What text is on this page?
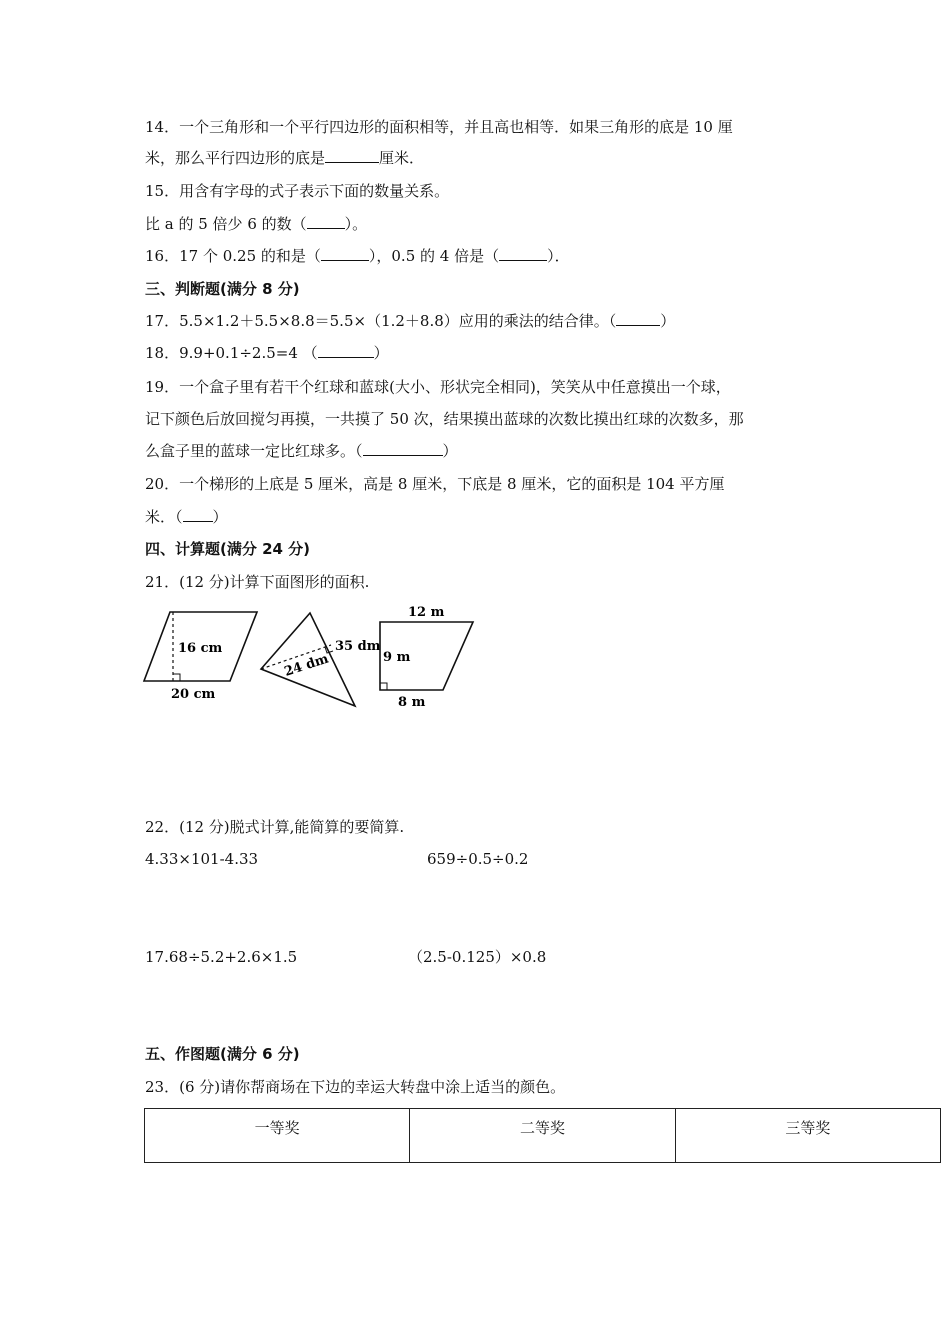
14．一个三角形和一个平行四边形的面积相等，并且高也相等．如果三角形的底是 10 厘
米，那么平行四边形的底是	厘米．
15．用含有字母的式子表示下面的数量关系。
比 a 的 5 倍少 6 的数（	）。
16．17 个 0.25 的和是（	），0.5 的 4 倍是（	）．
三、判断题(满分 8 分)
17．5.5×1.2＋5.5×8.8＝5.5×（1.2＋8.8）应用的乘法的结合律。（	）
18．9.9+0.1÷2.5=4 （	）
19．一个盒子里有若干个红球和蓝球(大小、形状完全相同)，笑笑从中任意摸出一个球，
记下颜色后放回搅匀再摸，一共摸了 50 次，结果摸出蓝球的次数比摸出红球的次数多，那
么盒子里的蓝球一定比红球多。（	）
20．一个梯形的上底是 5 厘米，高是 8 厘米，下底是 8 厘米，它的面积是 104 平方厘
米．（ ）
四、计算题(满分 24 分)
21．(12 分)计算下面图形的面积.
16 cm
20 cm
35 dm
24 dm
12 m
9 m
8 m
22．(12 分)脱式计算,能简算的要简算.
4.33×101-4.33	659÷0.5÷0.2
17.68÷5.2+2.6×1.5	（2.5-0.125）×0.8
五、作图题(满分 6 分)
23．(6 分)请你帮商场在下边的幸运大转盘中涂上适当的颜色。
一等奖	二等奖	三等奖
